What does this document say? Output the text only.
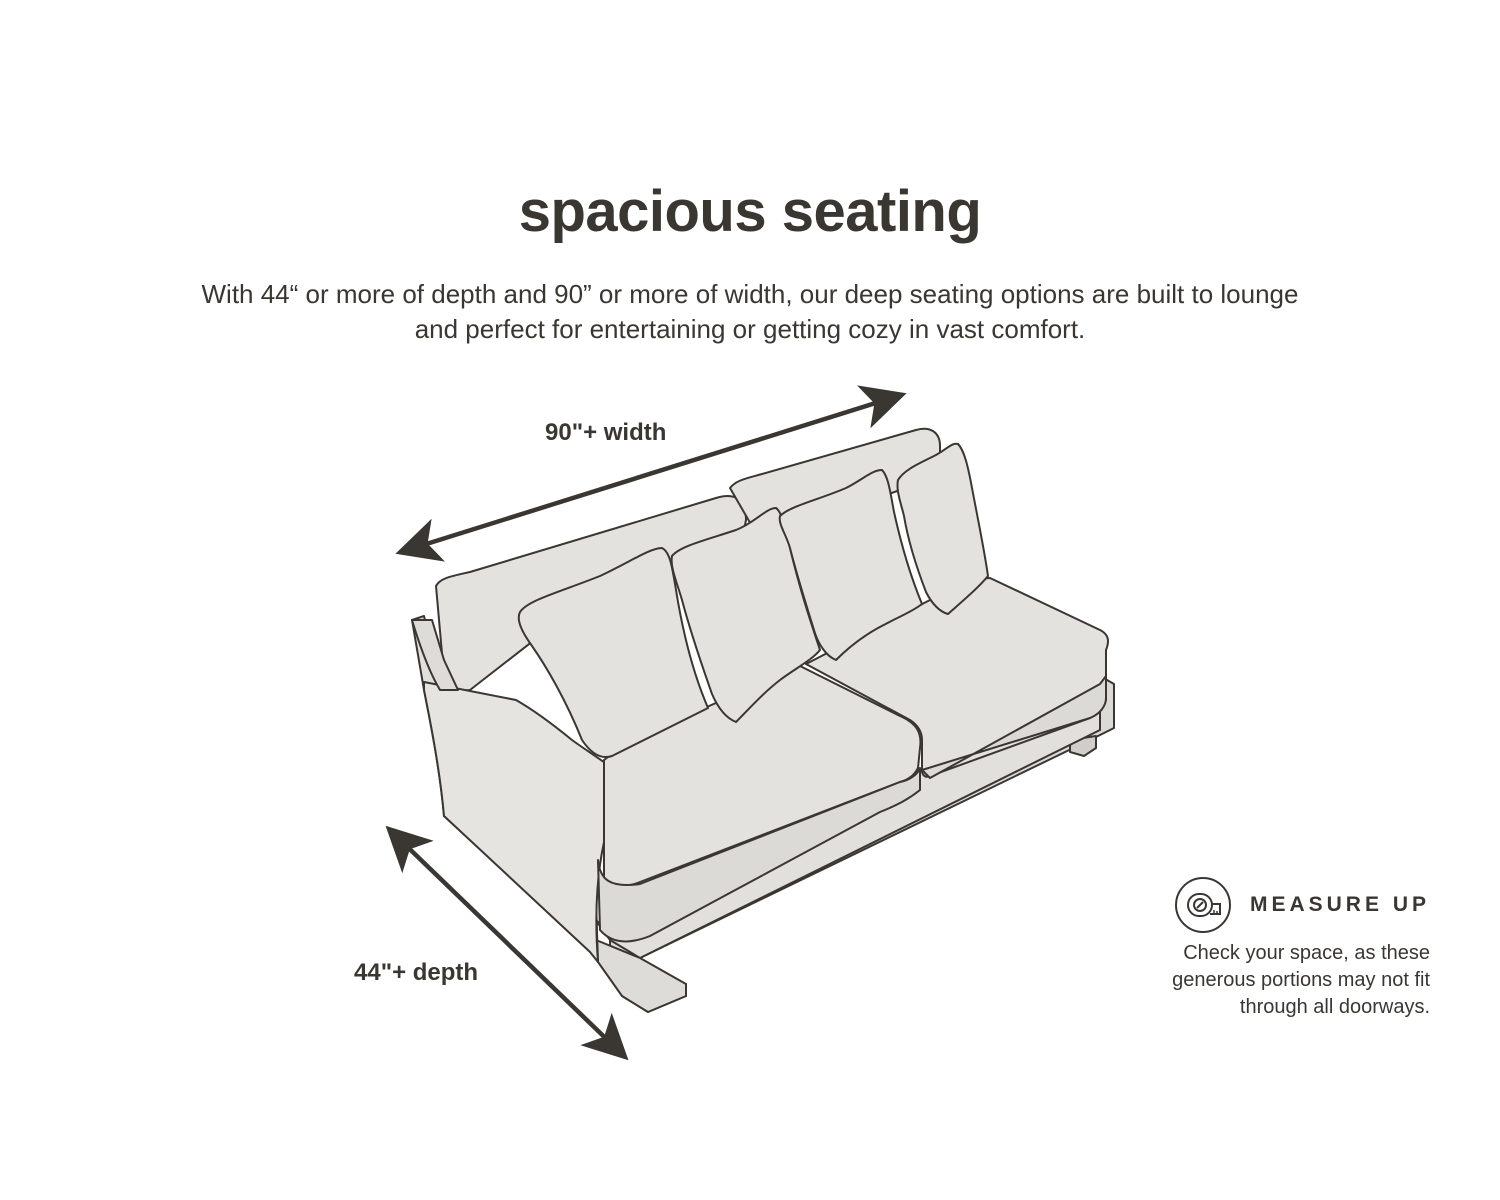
spacious seating

With 44“ or more of depth and 90” or more of width, our deep seating options are built to lounge
and perfect for entertaining or getting cozy in vast comfort.

90"+ width
44"+ depth
MEASURE UP
Check your space, as these
generous portions may not fit
through all doorways.
